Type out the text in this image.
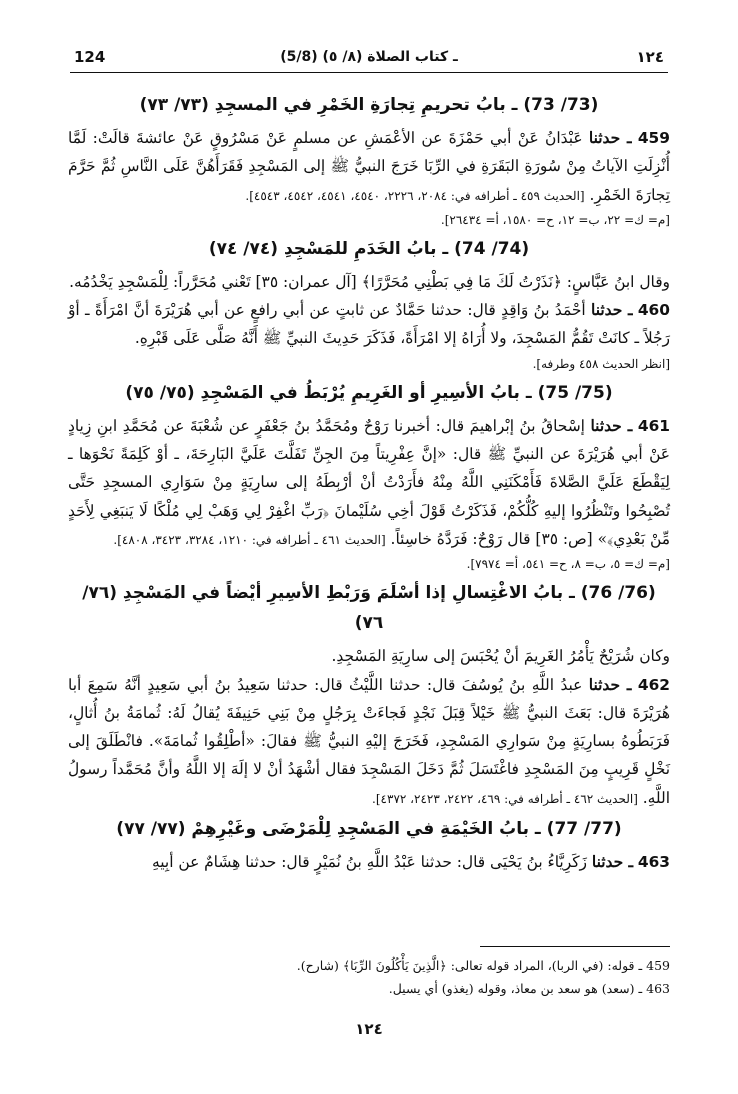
124	(5/8) ـ كتاب الصلاة (٨/ ٥)	١٢٤
(73/ 73) ـ بابُ تحريمِ تِجارَةِ الخَمْرِ في المسجِدِ (٧٣/ ٧٣)

459 ـ حدثنا عَبْدَانُ عَنْ أبي حَمْزَةَ عن الأعْمَشِ عن مسلمٍ عَنْ مَسْرُوقٍ عَنْ عائشةَ قالَتْ: لَمَّا أُنْزِلَتِ الآياتُ مِنْ سُورَةِ البَقَرَةِ في الرِّبَا خَرَجَ النبيُّ ﷺ إلى المَسْجِدِ فَقَرَأَهُنَّ عَلَى النَّاسِ ثُمَّ حَرَّمَ تِجارَةَ الخَمْرِ. [الحديث ٤٥٩ ـ أطرافه في: ٢٠٨٤، ٢٢٢٦، ٤٥٤٠، ٤٥٤١، ٤٥٤٢، ٤٥٤٣].

[م= ك= ٢٢، ب= ١٢، ح= ١٥٨٠، أ= ٢٦٤٣٤].

(74/ 74) ـ بابُ الخَدَمِ للمَسْجِدِ (٧٤/ ٧٤)

وقال ابنُ عَبَّاسٍ: ﴿نَذَرْتُ لَكَ مَا فِي بَطْنِي مُحَرَّرًا﴾ [آل عمران: ٣٥] تَعْني مُحَرَّراً: لِلْمَسْجِدِ يَخْدُمُه.

460 ـ حدثنا أحْمَدُ بنُ وَاقِدٍ قال: حدثنا حَمَّادٌ عن ثابتٍ عن أبي رافعٍ عن أبي هُرَيْرَةَ أنَّ امْرَأَةً ـ أوْ رَجُلاً ـ كانَتْ تَقُمُّ المَسْجِدَ، ولا أُرَاهُ إلا امْرَأَةً، فَذَكَرَ حَدِيثَ النبيِّ ﷺ أَنَّهُ صَلَّى عَلَى قَبْرِهِ.

[انظر الحديث ٤٥٨ وطرفه].

(75/ 75) ـ بابُ الأسِيرِ أو الغَرِيمِ يُرْبَطُ في المَسْجِدِ (٧٥/ ٧٥)

461 ـ حدثنا إسْحاقُ بنُ إبْراهيمَ قال: أخبرنا رَوْحٌ ومُحَمَّدُ بنُ جَعْفَرٍ عن شُعْبَةَ عن مُحَمَّدِ ابنِ زِيادٍ عَنْ أبي هُرَيْرَةَ عن النبيِّ ﷺ قال: «إنَّ عِفْرِيتاً مِنَ الجِنِّ تَفَلَّتَ عَلَيَّ البَارِحَةَ، ـ أوْ كَلِمَةً نَحْوَها ـ لِيَقْطَعَ عَلَيَّ الصَّلاةَ فَأَمْكَنَنِي اللَّهُ مِنْهُ فأَرَدْتُ أنْ أرْبِطَهُ إلى سارِيَةٍ مِنْ سَوَارِي المسجِدِ حَتَّى تُصْبِحُوا وتَنْظُرُوا إليهِ كُلُّكُمْ، فَذَكَرْتُ قَوْلَ أخِي سُلَيْمانَ ﴿رَبِّ اغْفِرْ لِي وَهَبْ لِي مُلْكًا لَا يَنبَغِي لِأَحَدٍ مِّنْ بَعْدِي﴾» [ص: ٣٥] قال رَوْحٌ: فَرَدَّهُ خاسِئاً. [الحديث ٤٦١ ـ أطرافه في: ١٢١٠، ٣٢٨٤، ٣٤٢٣، ٤٨٠٨].

[م= ك= ٥، ب= ٨، ح= ٥٤١، أ= ٧٩٧٤].

(76/ 76) ـ بابُ الاغْتِسالِ إذا أسْلَمَ وَرَبْطِ الأسِيرِ أيْضاً في المَسْجِدِ (٧٦/ ٧٦)

وكان شُرَيْحٌ يَأْمُرُ الغَرِيمَ أنْ يُحْبَسَ إلى سارِيَةِ المَسْجِدِ.

462 ـ حدثنا عبدُ اللَّهِ بنُ يُوسُفَ قال: حدثنا اللَّيْثُ قال: حدثنا سَعِيدُ بنُ أبي سَعِيدٍ أنَّهُ سَمِعَ أبا هُرَيْرَةَ قال: بَعَثَ النبيُّ ﷺ خَيْلاً قِبَلَ نَجْدٍ فَجاءَتْ بِرَجُلٍ مِنْ بَنِي حَنِيفَةَ يُقالُ لَهُ: ثُمامَةُ بنُ أُثالٍ، فَرَبَطُوهُ بسارِيَةٍ مِنْ سَوارِي المَسْجِدِ، فَخَرَجَ إليْهِ النبيُّ ﷺ فقالَ: «أطْلِقُوا ثُمامَةَ». فانْطَلَقَ إلى نَخْلٍ قَرِيبٍ مِنَ المَسْجِدِ فاغْتَسَلَ ثُمَّ دَخَلَ المَسْجِدَ فقال أشْهَدُ أنْ لا إلَهَ إلا اللَّهُ وأنَّ مُحَمَّداً رسولُ اللَّهِ. [الحديث ٤٦٢ ـ أطرافه في: ٤٦٩، ٢٤٢٢، ٢٤٢٣، ٤٣٧٢].

(77/ 77) ـ بابُ الخَيْمَةِ في المَسْجِدِ لِلْمَرْضَى وغَيْرِهِمْ (٧٧/ ٧٧)

463 ـ حدثنا زَكَرِيَّاءُ بنُ يَحْيَى قال: حدثنا عَبْدُ اللَّهِ بنُ نُمَيْرٍ قال: حدثنا هِشَامٌ عن أبِيهِ

459 ـ قوله: (في الربا)، المراد قوله تعالى: ﴿الَّذِينَ يَأْكُلُونَ الرِّبَا﴾ (شارح).

463 ـ (سعد) هو سعد بن معاذ، وقوله (يغذو) أي يسيل.

١٢٤
